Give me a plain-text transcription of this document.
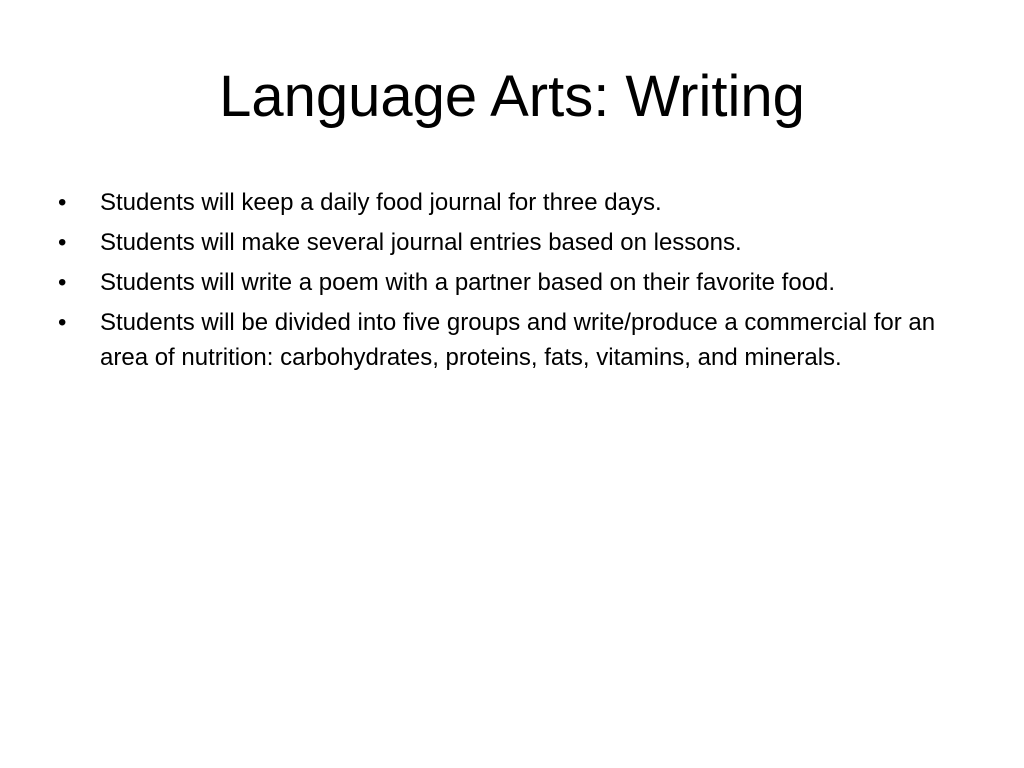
Language Arts: Writing
•	Students will keep a daily food journal for three days.
•	Students will make several journal entries based on lessons.
•	Students will write a poem with a partner based on their favorite food.
•	Students will be divided into five groups and write/produce a commercial for an area of nutrition: carbohydrates, proteins, fats, vitamins, and minerals.
